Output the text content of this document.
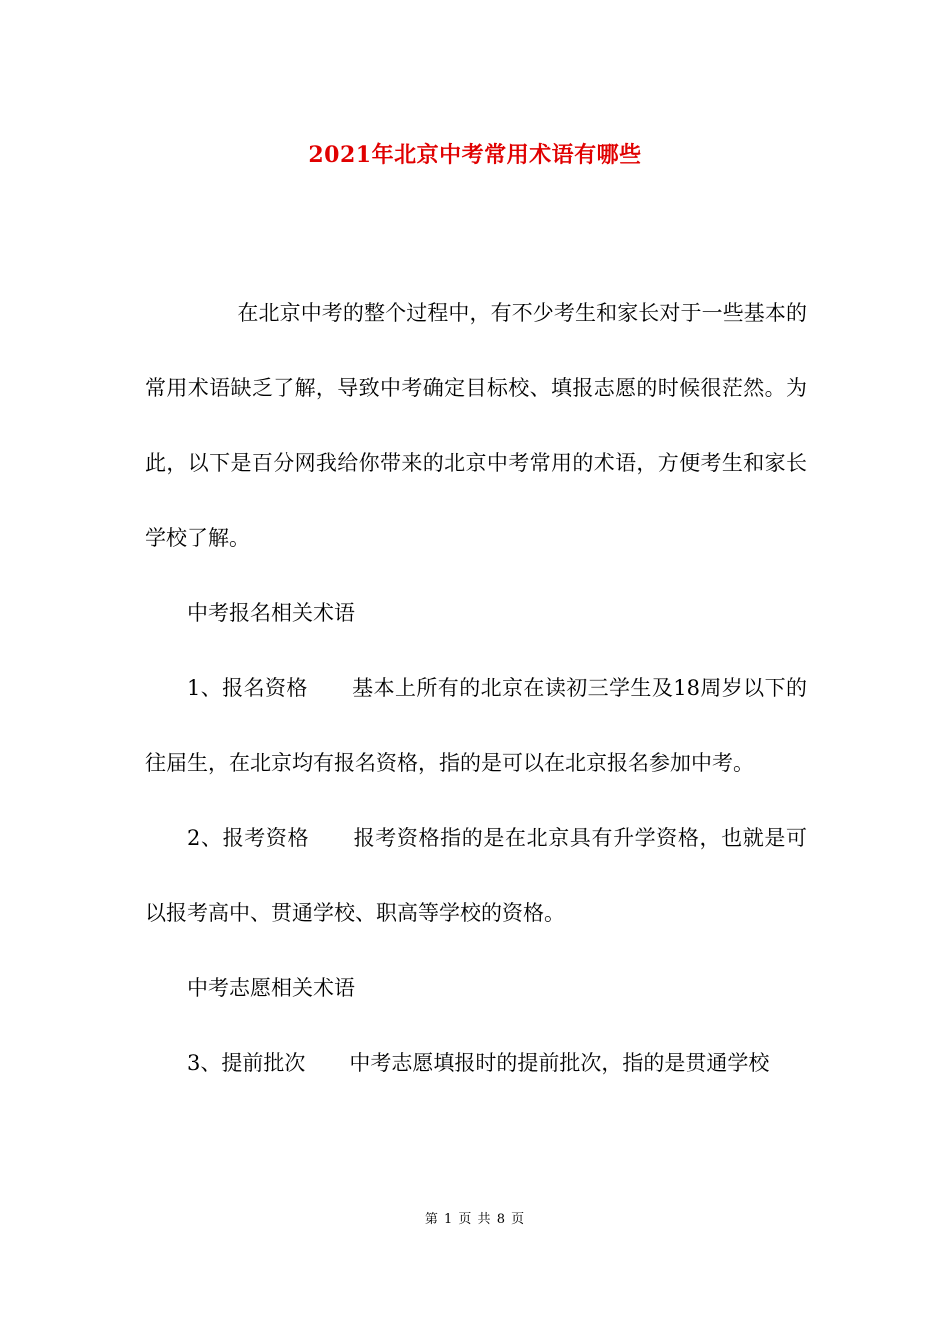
2021年北京中考常用术语有哪些

在北京中考的整个过程中，有不少考生和家长对于一些基本的常用术语缺乏了解，导致中考确定目标校、填报志愿的时候很茫然。为此，以下是百分网我给你带来的北京中考常用的术语，方便考生和家长学校了解。

中考报名相关术语

1、报名资格 基本上所有的北京在读初三学生及18周岁以下的往届生，在北京均有报名资格，指的是可以在北京报名参加中考。

2、报考资格 报考资格指的是在北京具有升学资格，也就是可以报考高中、贯通学校、职高等学校的资格。

中考志愿相关术语

3、提前批次 中考志愿填报时的提前批次，指的是贯通学校

第 1 页 共 8 页
